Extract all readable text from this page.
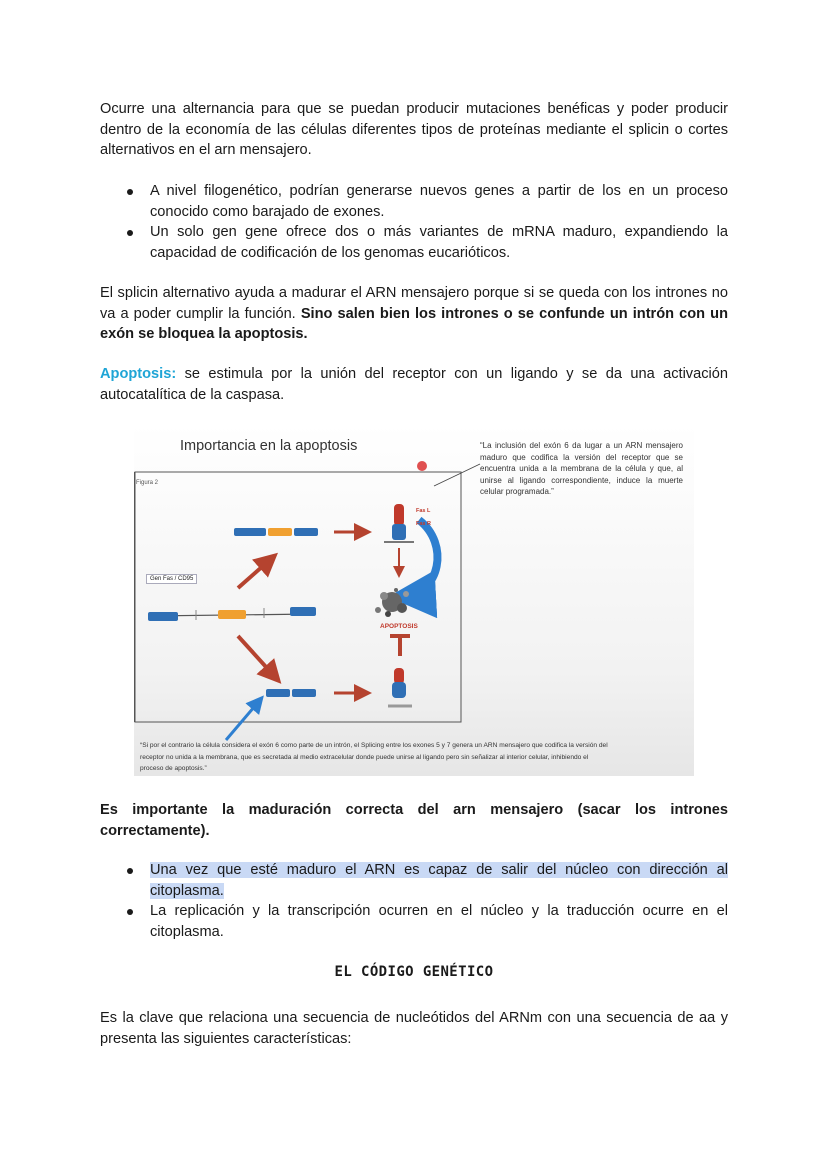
Ocurre una alternancia para que se puedan producir mutaciones benéficas y poder producir dentro de la economía de las células diferentes tipos de proteínas mediante el splicin o cortes alternativos en el arn mensajero.

A nivel filogenético, podrían generarse nuevos genes a partir de los en un proceso conocido como barajado de exones.
Un solo gen gene ofrece dos o más variantes de mRNA maduro, expandiendo la capacidad de codificación de los genomas eucarióticos.

El splicin alternativo ayuda a madurar el ARN mensajero porque si se queda con los intrones no va a poder cumplir la función. Sino salen bien los intrones o se confunde un intrón con un exón se bloquea la apoptosis.

Apoptosis: se estimula por la unión del receptor con un ligando y se da una activación autocatalítica de la caspasa.

Importancia en la apoptosis
Figura 2
Gen Fas / CD95
Fas L
Fas R
APOPTOSIS
“La inclusión del exón 6 da lugar a un ARN mensajero maduro que codifica la versión del receptor que se encuentra unida a la membrana de la célula y que, al unirse al ligando correspondiente, induce la muerte celular programada.”
“Si por el contrario la célula considera el exón 6 como parte de un intrón, el Splicing entre los exones 5 y 7 genera un ARN mensajero que codifica la versión del receptor no unida a la membrana, que es secretada al medio extracelular donde puede unirse al ligando pero sin señalizar al interior celular, inhibiendo el proceso de apoptosis.”

Es importante la maduración correcta del arn mensajero (sacar los intrones correctamente).

Una vez que esté maduro el ARN es capaz de salir del núcleo con dirección al citoplasma.
La replicación y la transcripción ocurren en el núcleo y la traducción ocurre en el citoplasma.
EL CÓDIGO GENÉTICO

Es la clave que relaciona una secuencia de nucleótidos del ARNm con una secuencia de aa y presenta las siguientes características:
